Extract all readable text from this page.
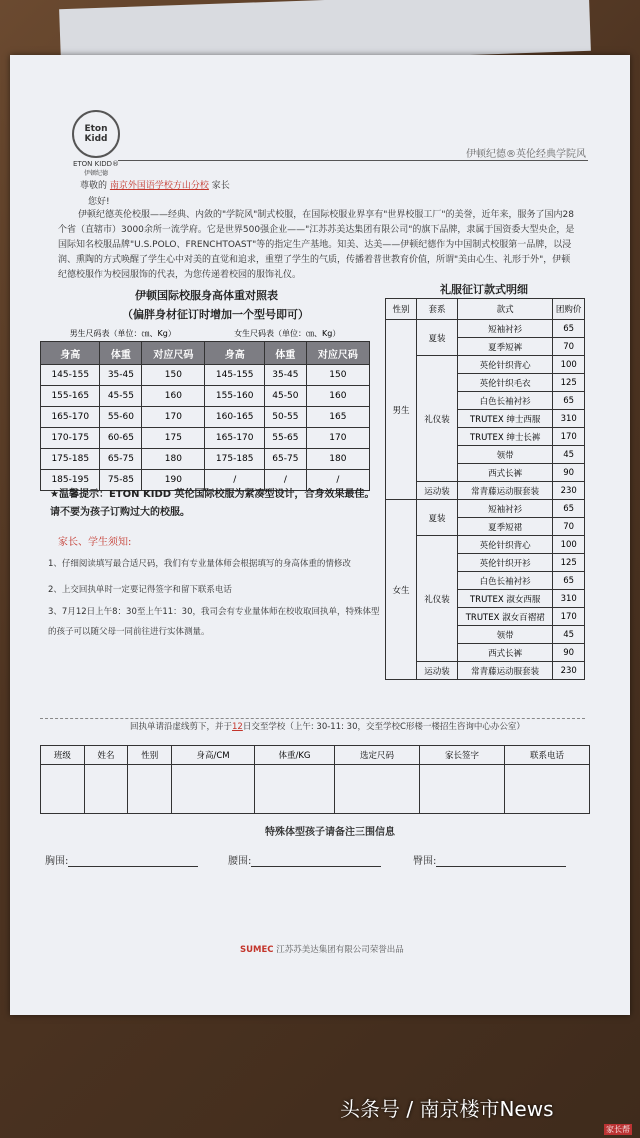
Eton Kidd
ETON KIDD®
伊顿纪德
伊顿纪德®英伦经典学院风
尊敬的 南京外国语学校方山分校 家长
您好!
伊顿纪德英伦校服——经典、内敛的"学院风"制式校服，在国际校服业界享有"世界校服工厂"的美誉，近年来，服务了国内28个省（直辖市）3000余所一流学府。它是世界500强企业——"江苏苏美达集团有限公司"的旗下品牌，隶属于国资委大型央企，是国际知名校服品牌"U.S.POLO、FRENCHTOAST"等的指定生产基地。知美、达美——伊顿纪德作为中国制式校服第一品牌，以浸润、熏陶的方式唤醒了学生心中对美的直觉和追求，重塑了学生的气质，传播着普世教育价值，所谓"美由心生、礼形于外"，伊顿纪德校服作为校园服饰的代表，为您传递着校园的服饰礼仪。
伊顿国际校服身高体重对照表
（偏胖身材征订时增加一个型号即可）
男生尺码表（单位：㎝、Kg）			女生尺码表（单位：㎝、Kg）		
身高	体重	对应尺码	身高	体重	对应尺码
145-155	35-45	150	145-155	35-45	150
155-165	45-55	160	155-160	45-50	160
165-170	55-60	170	160-165	50-55	165
170-175	60-65	175	165-170	55-65	170
175-185	65-75	180	175-185	65-75	180
185-195	75-85	190	/	/	/
★温馨提示：ETON KIDD 英伦国际校服为紧凑型设计，合身效果最佳。请不要为孩子订购过大的校服。
家长、学生须知:
1、仔细阅读填写最合适尺码，我们有专业量体师会根据填写的身高体重的情修改
2、上交回执单时一定要记得签字和留下联系电话
3、7月12日上午8：30至上午11：30，我司会有专业量体师在校收取回执单，特殊体型的孩子可以随父母一同前往进行实体测量。
礼服征订款式明细
性别	套系	款式	团购价
男生	夏装	短袖衬衫	65
		夏季短裤	70
	礼仪装	英伦针织背心	100
		英伦针织毛衣	125
		白色长袖衬衫	65
		TRUTEX 绅士西服	310
		TRUTEX 绅士长裤	170
		领带	45
		西式长裤	90
	运动装	常青藤运动服套装	230
女生	夏装	短袖衬衫	65
		夏季短裙	70
	礼仪装	英伦针织背心	100
		英伦针织开衫	125
		白色长袖衬衫	65
		TRUTEX 淑女西服	310
		TRUTEX 淑女百褶裙	170
		领带	45
		西式长裤	90
	运动装	常青藤运动服套装	230
回执单请沿虚线剪下，并于12日交至学校（上午: 30-11: 30，交至学校C形楼一楼招生咨询中心办公室）
班级	姓名	性别	身高/CM	体重/KG	选定尺码	家长签字	联系电话

特殊体型孩子请备注三围信息
胸围:	腰围:	臀围:
SUMEC 江苏苏美达集团有限公司荣誉出品
头条号 / 南京楼市News
家长帮
